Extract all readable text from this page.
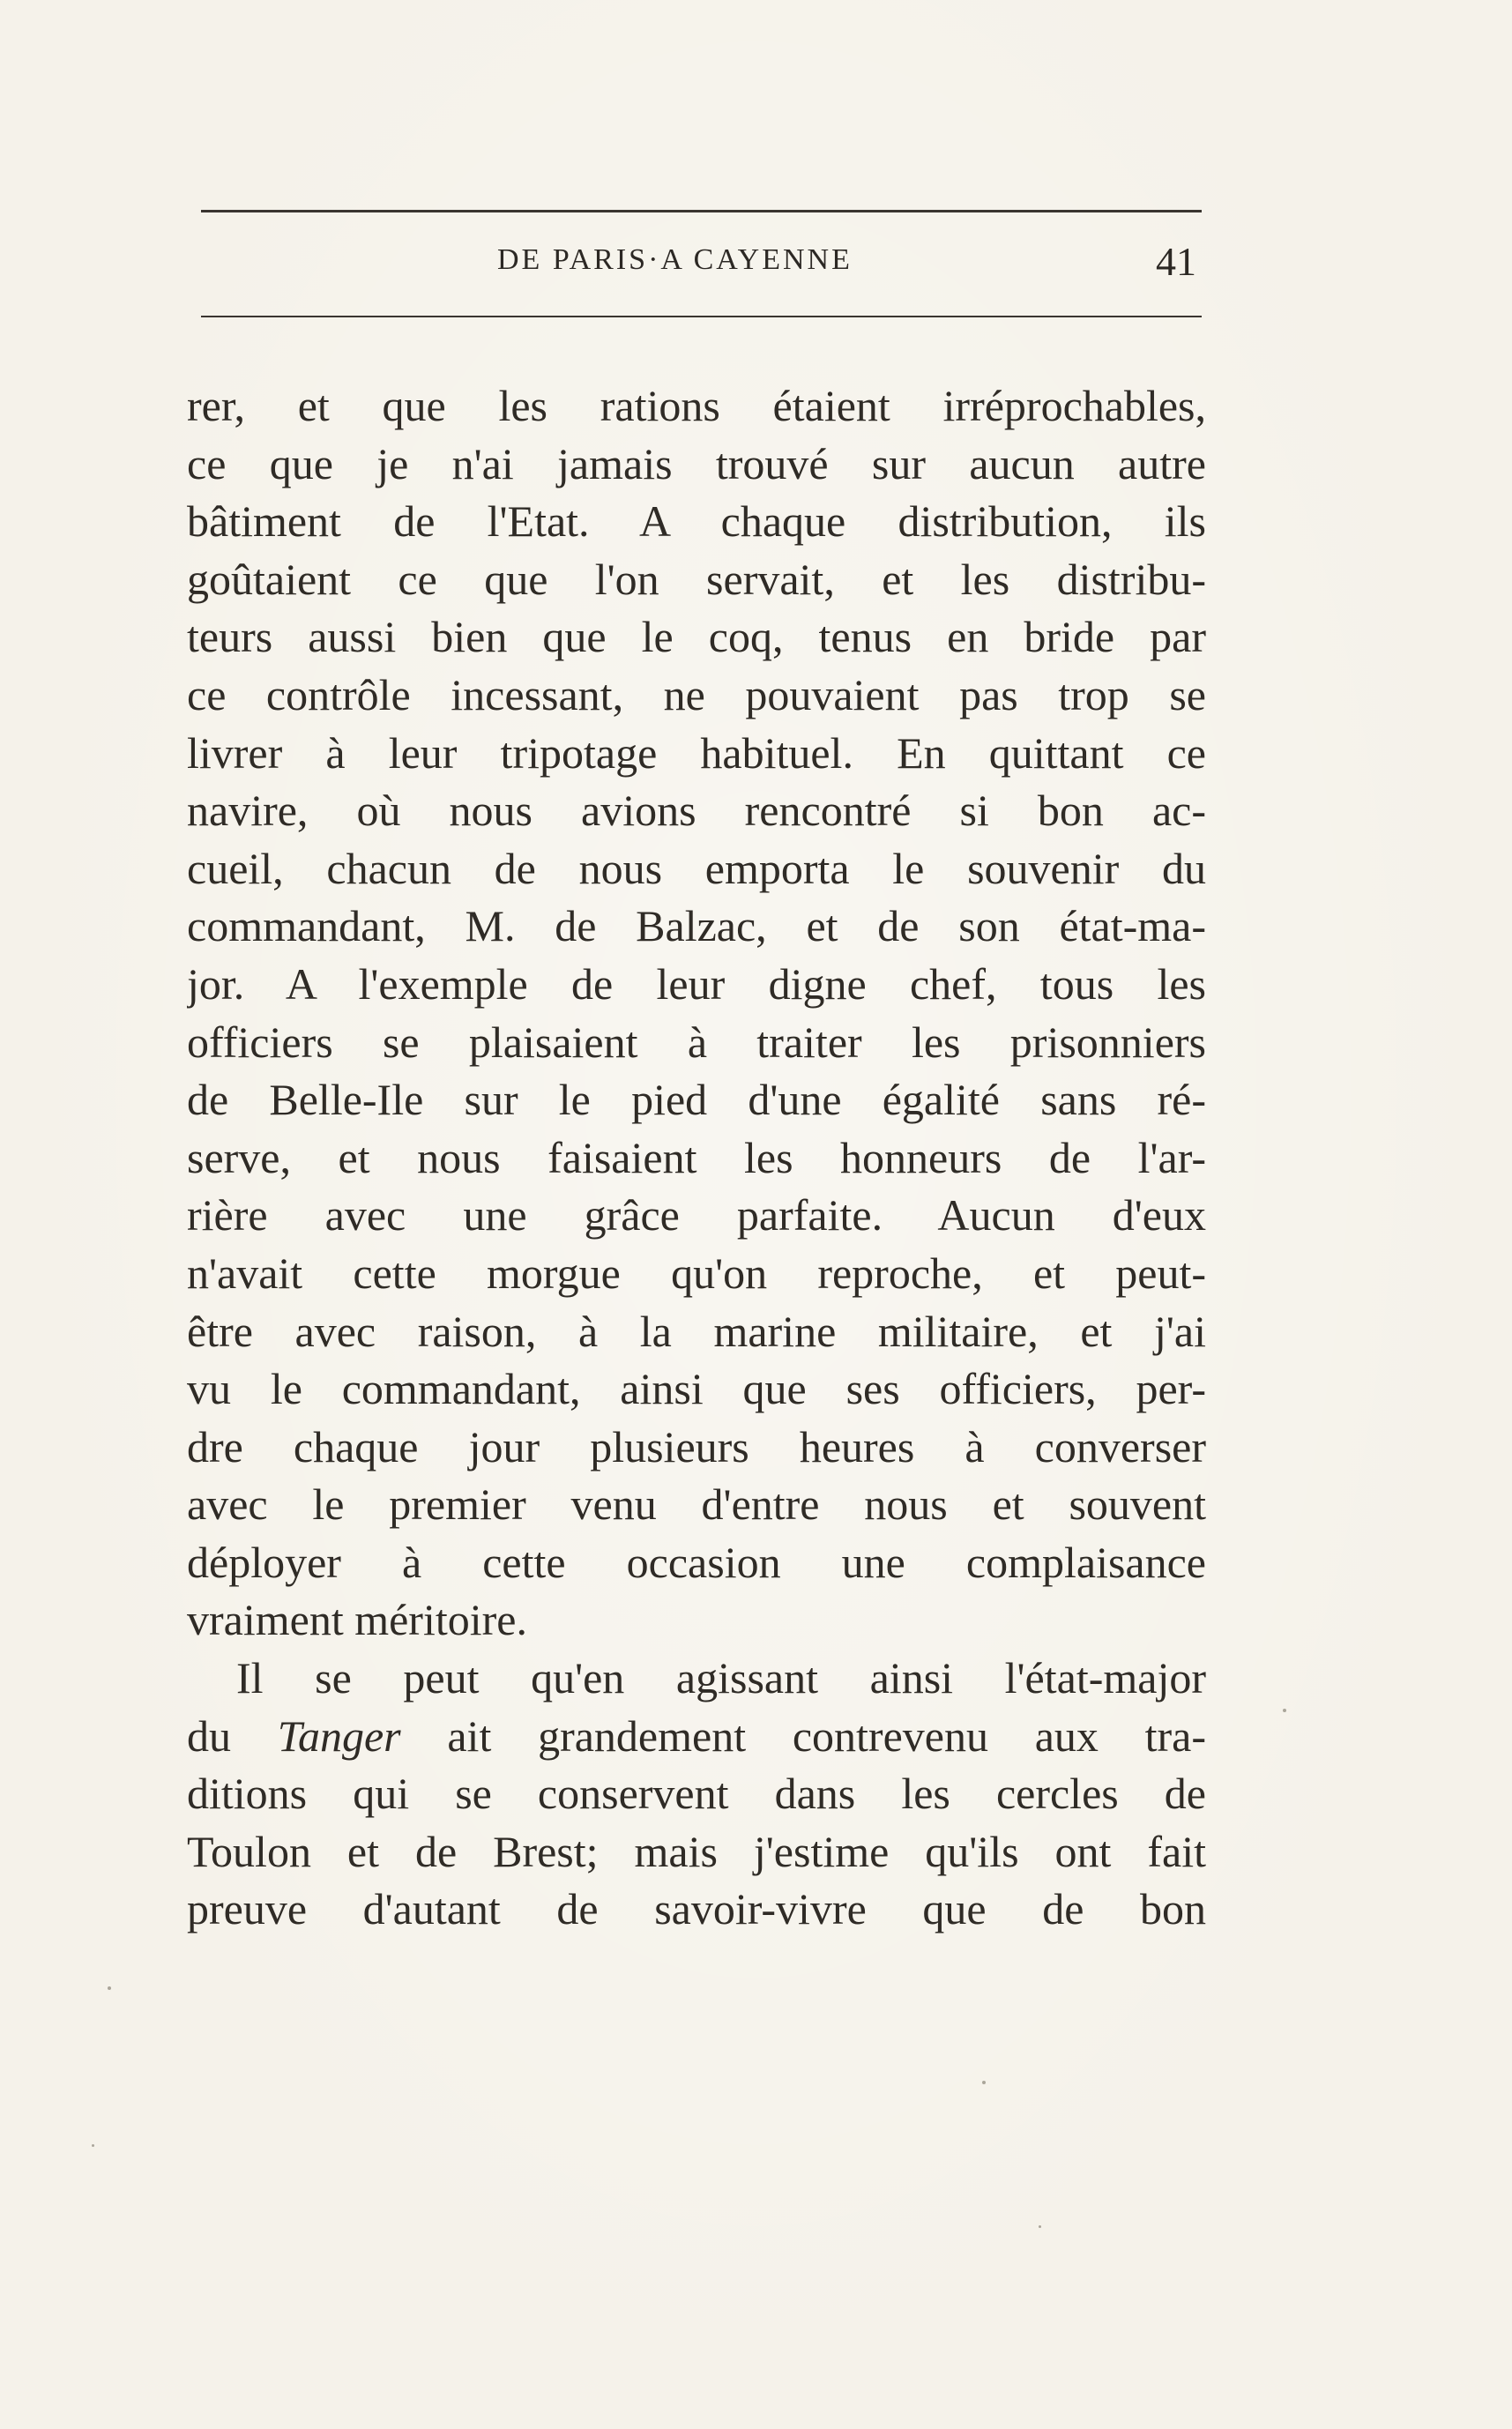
DE PARIS·A CAYENNE	41
rer, et que les rations étaient irréprochables,
ce que je n'ai jamais trouvé sur aucun autre
bâtiment de l'Etat. A chaque distribution, ils
goûtaient ce que l'on servait, et les distribu-
teurs aussi bien que le coq, tenus en bride par
ce contrôle incessant, ne pouvaient pas trop se
livrer à leur tripotage habituel. En quittant ce
navire, où nous avions rencontré si bon ac-
cueil, chacun de nous emporta le souvenir du
commandant, M. de Balzac, et de son état-ma-
jor. A l'exemple de leur digne chef, tous les
officiers se plaisaient à traiter les prisonniers
de Belle-Ile sur le pied d'une égalité sans ré-
serve, et nous faisaient les honneurs de l'ar-
rière avec une grâce parfaite. Aucun d'eux
n'avait cette morgue qu'on reproche, et peut-
être avec raison, à la marine militaire, et j'ai
vu le commandant, ainsi que ses officiers, per-
dre chaque jour plusieurs heures à converser
avec le premier venu d'entre nous et souvent
déployer à cette occasion une complaisance
vraiment méritoire.
Il se peut qu'en agissant ainsi l'état-major
du Tanger ait grandement contrevenu aux tra-
ditions qui se conservent dans les cercles de
Toulon et de Brest; mais j'estime qu'ils ont fait
preuve d'autant de savoir-vivre que de bon
